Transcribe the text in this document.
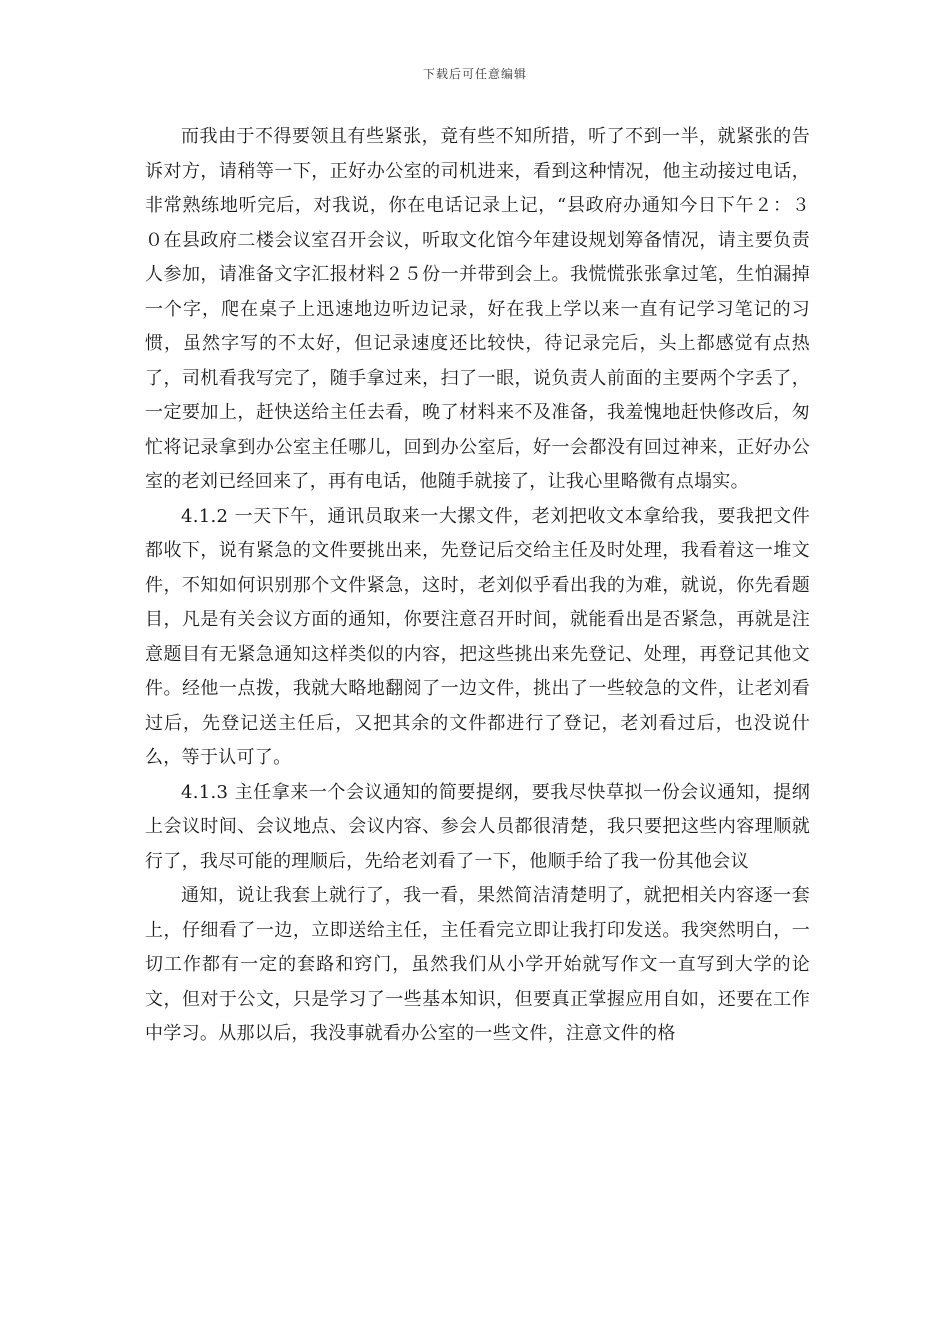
下载后可任意编辑

而我由于不得要领且有些紧张，竟有些不知所措，听了不到一半，就紧张的告诉对方，请稍等一下，正好办公室的司机进来，看到这种情况，他主动接过电话，非常熟练地听完后，对我说，你在电话记录上记，“县政府办通知今日下午２：３０在县政府二楼会议室召开会议，听取文化馆今年建设规划筹备情况，请主要负责人参加，请准备文字汇报材料２５份一并带到会上。我慌慌张张拿过笔，生怕漏掉一个字，爬在桌子上迅速地边听边记录，好在我上学以来一直有记学习笔记的习惯，虽然字写的不太好，但记录速度还比较快，待记录完后，头上都感觉有点热了，司机看我写完了，随手拿过来，扫了一眼，说负责人前面的主要两个字丢了，一定要加上，赶快送给主任去看，晚了材料来不及准备，我羞愧地赶快修改后，匆忙将记录拿到办公室主任哪儿，回到办公室后，好一会都没有回过神来，正好办公室的老刘已经回来了，再有电话，他随手就接了，让我心里略微有点塌实。

4.1.2 一天下午，通讯员取来一大摞文件，老刘把收文本拿给我，要我把文件都收下，说有紧急的文件要挑出来，先登记后交给主任及时处理，我看着这一堆文件，不知如何识别那个文件紧急，这时，老刘似乎看出我的为难，就说，你先看题目，凡是有关会议方面的通知，你要注意召开时间，就能看出是否紧急，再就是注意题目有无紧急通知这样类似的内容，把这些挑出来先登记、处理，再登记其他文件。经他一点拨，我就大略地翻阅了一边文件，挑出了一些较急的文件，让老刘看过后，先登记送主任后，又把其余的文件都进行了登记，老刘看过后，也没说什么，等于认可了。

4.1.3 主任拿来一个会议通知的简要提纲，要我尽快草拟一份会议通知，提纲上会议时间、会议地点、会议内容、参会人员都很清楚，我只要把这些内容理顺就行了，我尽可能的理顺后，先给老刘看了一下，他顺手给了我一份其他会议

通知，说让我套上就行了，我一看，果然简洁清楚明了，就把相关内容逐一套上，仔细看了一边，立即送给主任，主任看完立即让我打印发送。我突然明白，一切工作都有一定的套路和窍门，虽然我们从小学开始就写作文一直写到大学的论文，但对于公文，只是学习了一些基本知识，但要真正掌握应用自如，还要在工作中学习。从那以后，我没事就看办公室的一些文件，注意文件的格
